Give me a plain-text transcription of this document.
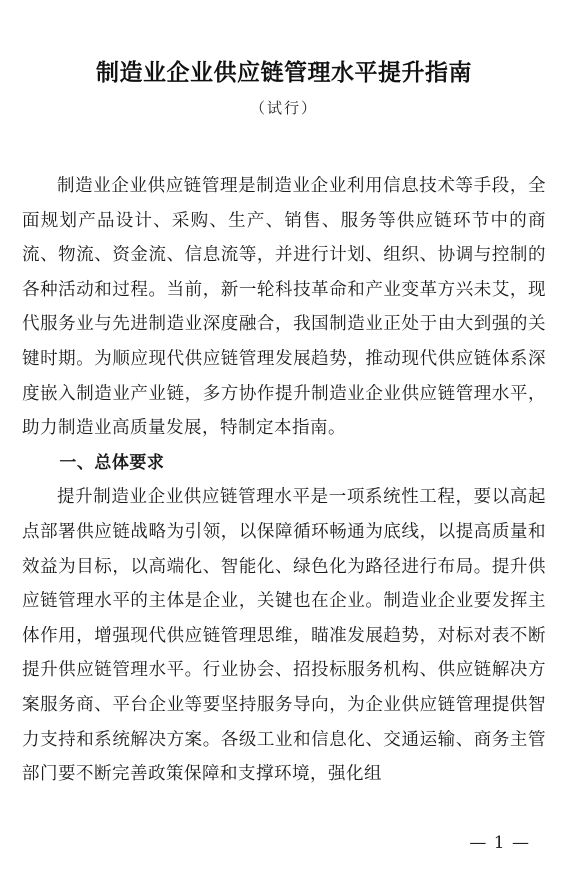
制造业企业供应链管理水平提升指南
（试行）

制造业企业供应链管理是制造业企业利用信息技术等手段，全面规划产品设计、采购、生产、销售、服务等供应链环节中的商流、物流、资金流、信息流等，并进行计划、组织、协调与控制的各种活动和过程。当前，新一轮科技革命和产业变革方兴未艾，现代服务业与先进制造业深度融合，我国制造业正处于由大到强的关键时期。为顺应现代供应链管理发展趋势，推动现代供应链体系深度嵌入制造业产业链，多方协作提升制造业企业供应链管理水平，助力制造业高质量发展，特制定本指南。

一、总体要求

提升制造业企业供应链管理水平是一项系统性工程，要以高起点部署供应链战略为引领，以保障循环畅通为底线，以提高质量和效益为目标，以高端化、智能化、绿色化为路径进行布局。提升供应链管理水平的主体是企业，关键也在企业。制造业企业要发挥主体作用，增强现代供应链管理思维，瞄准发展趋势，对标对表不断提升供应链管理水平。行业协会、招投标服务机构、供应链解决方案服务商、平台企业等要坚持服务导向，为企业供应链管理提供智力支持和系统解决方案。各级工业和信息化、交通运输、商务主管部门要不断完善政策保障和支撑环境，强化组

— 1 —
